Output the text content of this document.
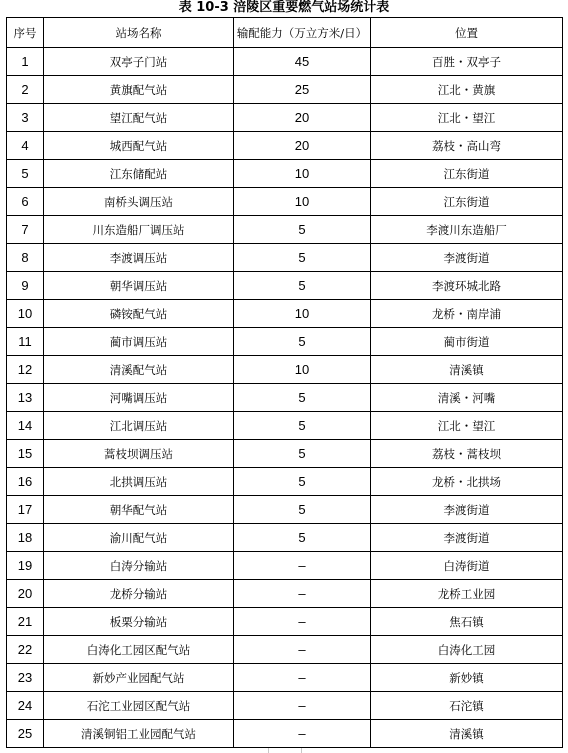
表 10-3 涪陵区重要燃气站场统计表
序号	站场名称	输配能力（万立方米/日）	位置
1	双亭子门站	45	百胜・双亭子
2	黄旗配气站	25	江北・黄旗
3	望江配气站	20	江北・望江
4	城西配气站	20	荔枝・高山弯
5	江东储配站	10	江东街道
6	南桥头调压站	10	江东街道
7	川东造船厂调压站	5	李渡川东造船厂
8	李渡调压站	5	李渡街道
9	朝华调压站	5	李渡环城北路
10	磷铵配气站	10	龙桥・南岸浦
11	蔺市调压站	5	蔺市街道
12	清溪配气站	10	清溪镇
13	河嘴调压站	5	清溪・河嘴
14	江北调压站	5	江北・望江
15	蒿枝坝调压站	5	荔枝・蒿枝坝
16	北拱调压站	5	龙桥・北拱场
17	朝华配气站	5	李渡街道
18	渝川配气站	5	李渡街道
19	白涛分输站	–	白涛街道
20	龙桥分输站	–	龙桥工业园
21	板栗分输站	–	焦石镇
22	白涛化工园区配气站	–	白涛化工园
23	新妙产业园配气站	–	新妙镇
24	石沱工业园区配气站	–	石沱镇
25	清溪铜铝工业园配气站	–	清溪镇
